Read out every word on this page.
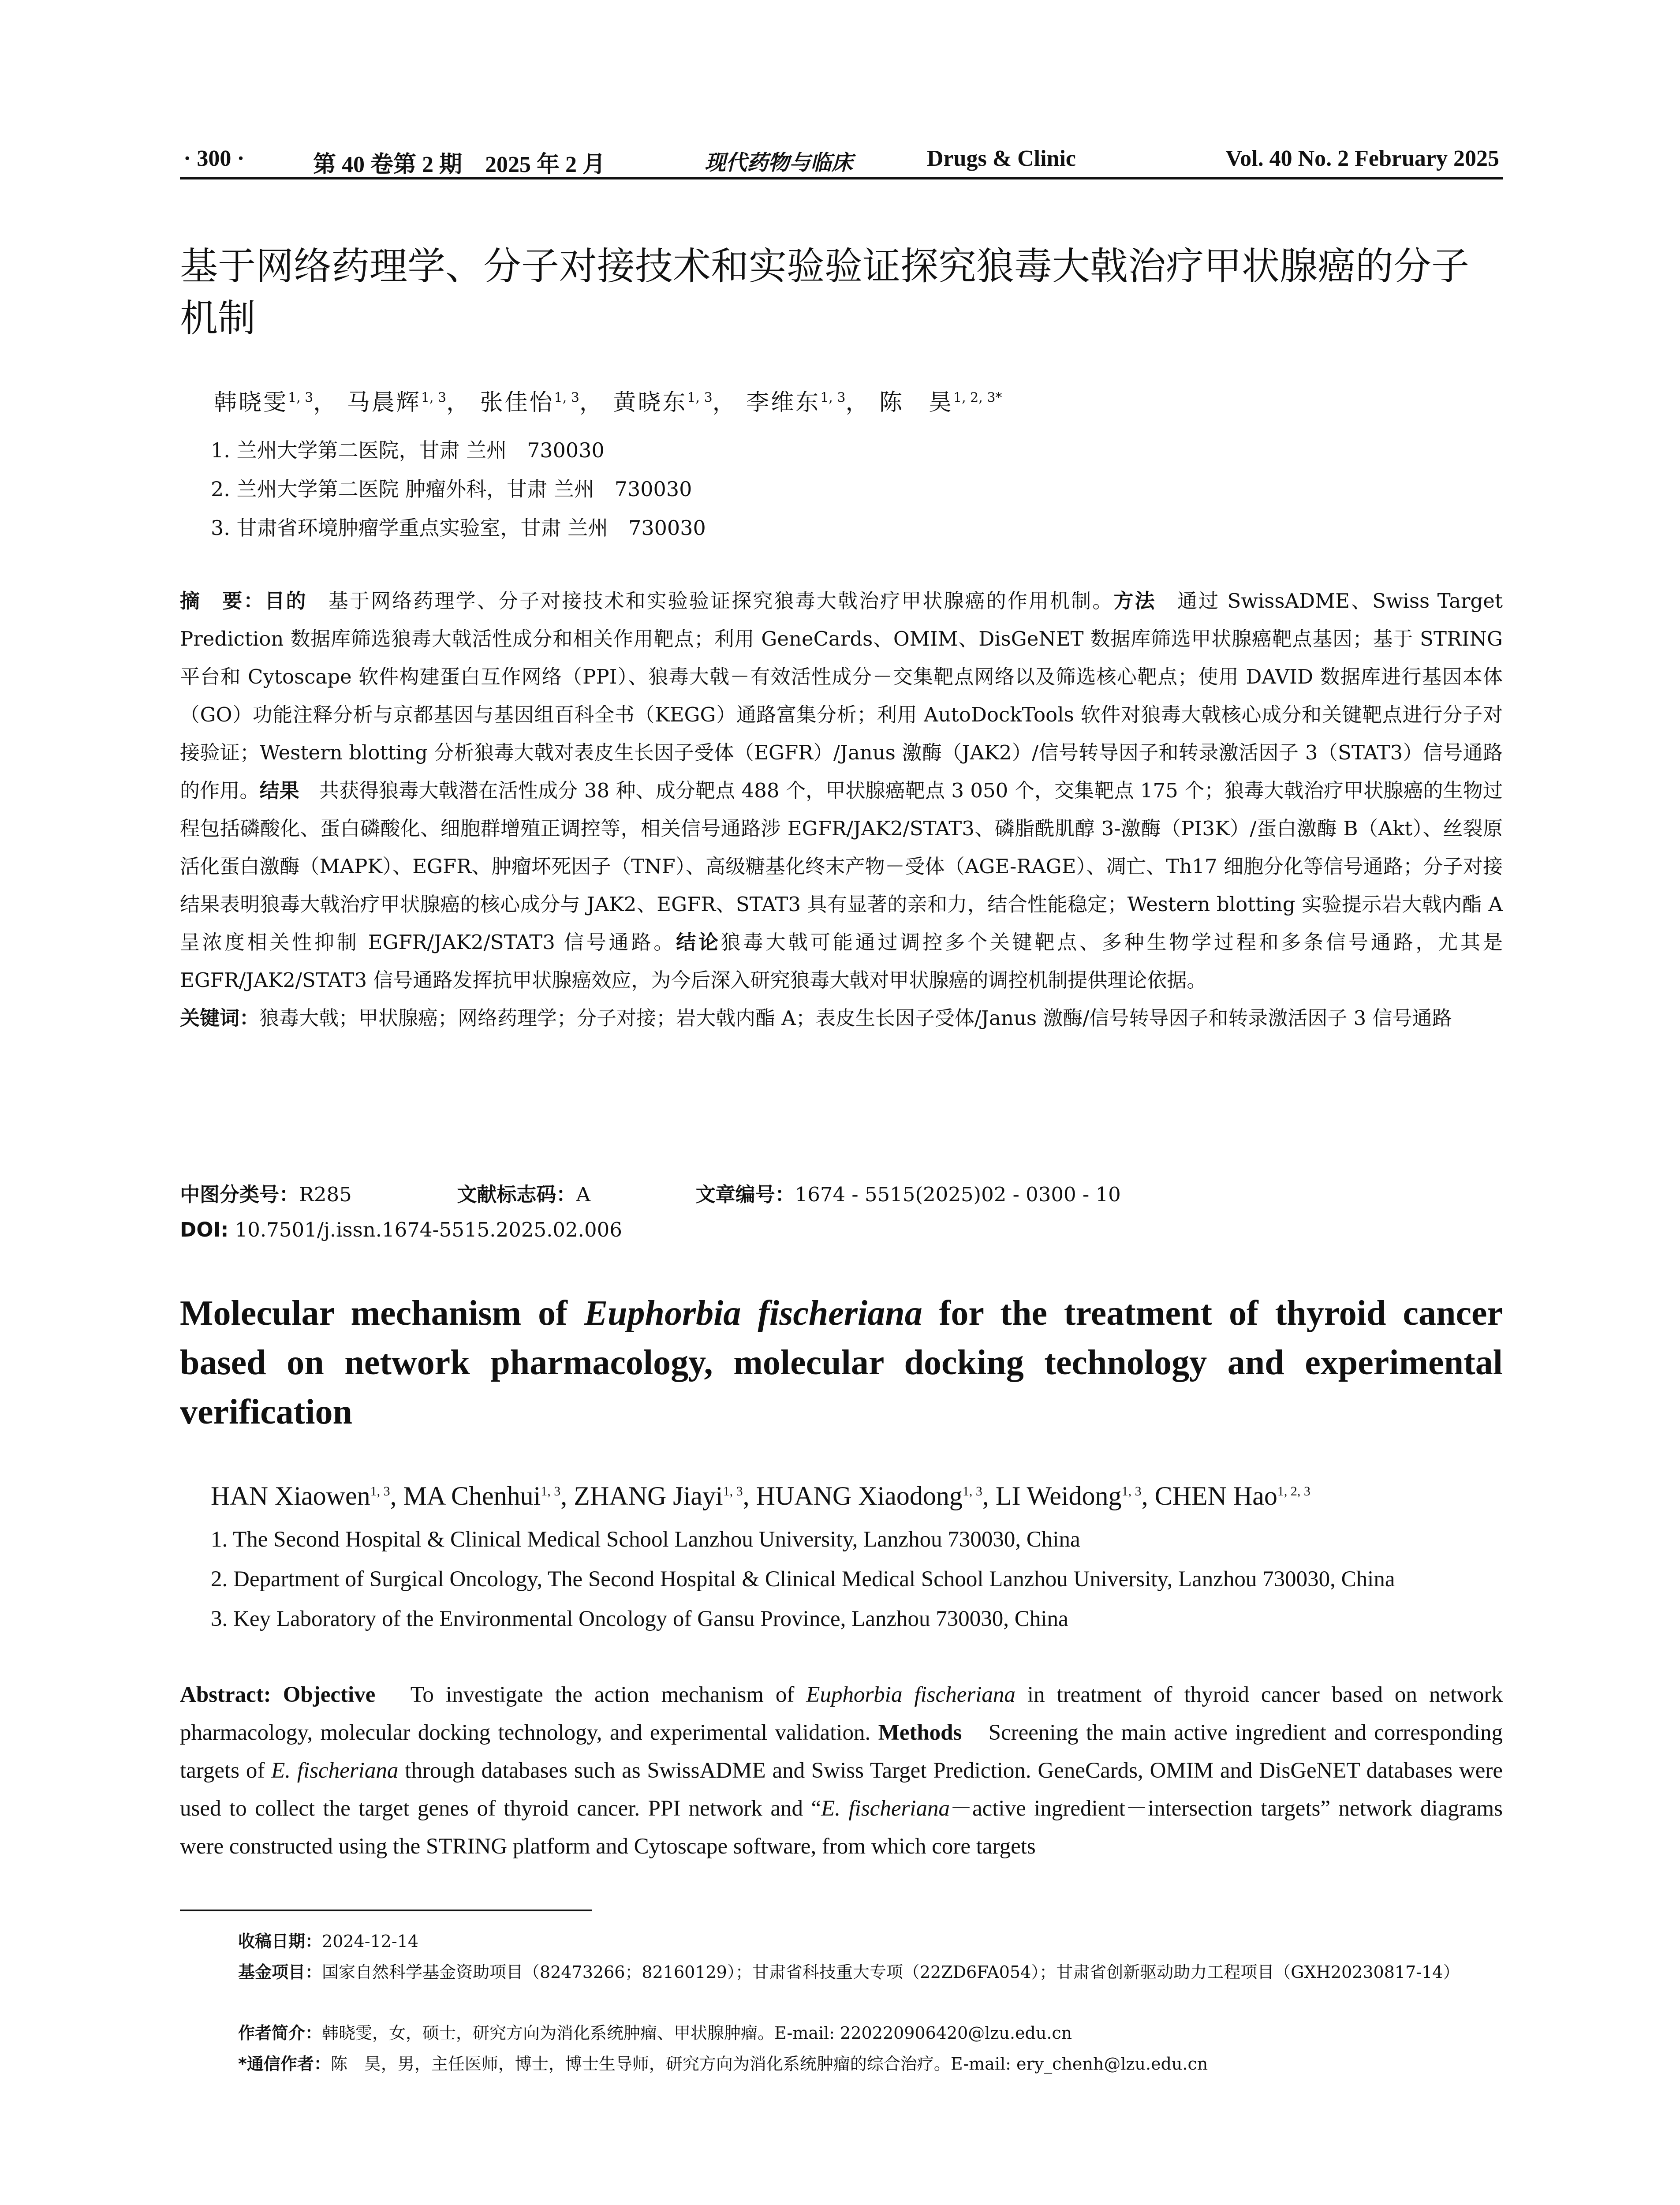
· 300 ·	第 40 卷第 2 期　2025 年 2 月	现代药物与临床	Drugs & Clinic	Vol. 40 No. 2 February 2025
基于网络药理学、分子对接技术和实验验证探究狼毒大戟治疗甲状腺癌的分子机制
韩晓雯$^{1, 3}$， 马晨辉$^{1, 3}$， 张佳怡$^{1, 3}$， 黄晓东$^{1, 3}$， 李维东$^{1, 3}$， 陈　昊$^{1, 2, 3*}$
1. 兰州大学第二医院，甘肃 兰州　730030
2. 兰州大学第二医院 肿瘤外科，甘肃 兰州　730030
3. 甘肃省环境肿瘤学重点实验室，甘肃 兰州　730030

摘　要：目的　基于网络药理学、分子对接技术和实验验证探究狼毒大戟治疗甲状腺癌的作用机制。方法　通过 SwissADME、Swiss Target Prediction 数据库筛选狼毒大戟活性成分和相关作用靶点；利用 GeneCards、OMIM、DisGeNET 数据库筛选甲状腺癌靶点基因；基于 STRING 平台和 Cytoscape 软件构建蛋白互作网络（PPI）、狼毒大戟－有效活性成分－交集靶点网络以及筛选核心靶点；使用 DAVID 数据库进行基因本体（GO）功能注释分析与京都基因与基因组百科全书（KEGG）通路富集分析；利用 AutoDockTools 软件对狼毒大戟核心成分和关键靶点进行分子对接验证；Western blotting 分析狼毒大戟对表皮生长因子受体（EGFR）/Janus 激酶（JAK2）/信号转导因子和转录激活因子 3（STAT3）信号通路的作用。结果　共获得狼毒大戟潜在活性成分 38 种、成分靶点 488 个，甲状腺癌靶点 3 050 个，交集靶点 175 个；狼毒大戟治疗甲状腺癌的生物过程包括磷酸化、蛋白磷酸化、细胞群增殖正调控等，相关信号通路涉 EGFR/JAK2/STAT3、磷脂酰肌醇 3-激酶（PI3K）/蛋白激酶 B（Akt）、丝裂原活化蛋白激酶（MAPK）、EGFR、肿瘤坏死因子（TNF）、高级糖基化终末产物－受体（AGE-RAGE）、凋亡、Th17 细胞分化等信号通路；分子对接结果表明狼毒大戟治疗甲状腺癌的核心成分与 JAK2、EGFR、STAT3 具有显著的亲和力，结合性能稳定；Western blotting 实验提示岩大戟内酯 A 呈浓度相关性抑制 EGFR/JAK2/STAT3 信号通路。结论狼毒大戟可能通过调控多个关键靶点、多种生物学过程和多条信号通路，尤其是 EGFR/JAK2/STAT3 信号通路发挥抗甲状腺癌效应，为今后深入研究狼毒大戟对甲状腺癌的调控机制提供理论依据。
关键词：狼毒大戟；甲状腺癌；网络药理学；分子对接；岩大戟内酯 A；表皮生长因子受体/Janus 激酶/信号转导因子和转录激活因子 3 信号通路

中图分类号：R285	文献标志码：A	文章编号：1674 - 5515(2025)02 - 0300 - 10
DOI: 10.7501/j.issn.1674-5515.2025.02.006
Molecular mechanism of Euphorbia fischeriana for the treatment of thyroid cancer based on network pharmacology, molecular docking technology and experimental verification
HAN Xiaowen$^{1, 3}$, MA Chenhui$^{1, 3}$, ZHANG Jiayi$^{1, 3}$, HUANG Xiaodong$^{1, 3}$, LI Weidong$^{1, 3}$, CHEN Hao$^{1, 2, 3}$
1. The Second Hospital & Clinical Medical School Lanzhou University, Lanzhou 730030, China
2. Department of Surgical Oncology, The Second Hospital & Clinical Medical School Lanzhou University, Lanzhou 730030, China
3. Key Laboratory of the Environmental Oncology of Gansu Province, Lanzhou 730030, China

Abstract: Objective　To investigate the action mechanism of Euphorbia fischeriana in treatment of thyroid cancer based on network pharmacology, molecular docking technology, and experimental validation. Methods　Screening the main active ingredient and corresponding targets of E. fischeriana through databases such as SwissADME and Swiss Target Prediction. GeneCards, OMIM and DisGeNET databases were used to collect the target genes of thyroid cancer. PPI network and “E. fischeriana－active ingredient－intersection targets” network diagrams were constructed using the STRING platform and Cytoscape software, from which core targets

收稿日期：2024-12-14
基金项目：国家自然科学基金资助项目（82473266；82160129）；甘肃省科技重大专项（22ZD6FA054）；甘肃省创新驱动助力工程项目（GXH20230817-14）
作者简介：韩晓雯，女，硕士，研究方向为消化系统肿瘤、甲状腺肿瘤。E-mail: 220220906420@lzu.edu.cn
*通信作者：陈　昊，男，主任医师，博士，博士生导师，研究方向为消化系统肿瘤的综合治疗。E-mail: ery_chenh@lzu.edu.cn
